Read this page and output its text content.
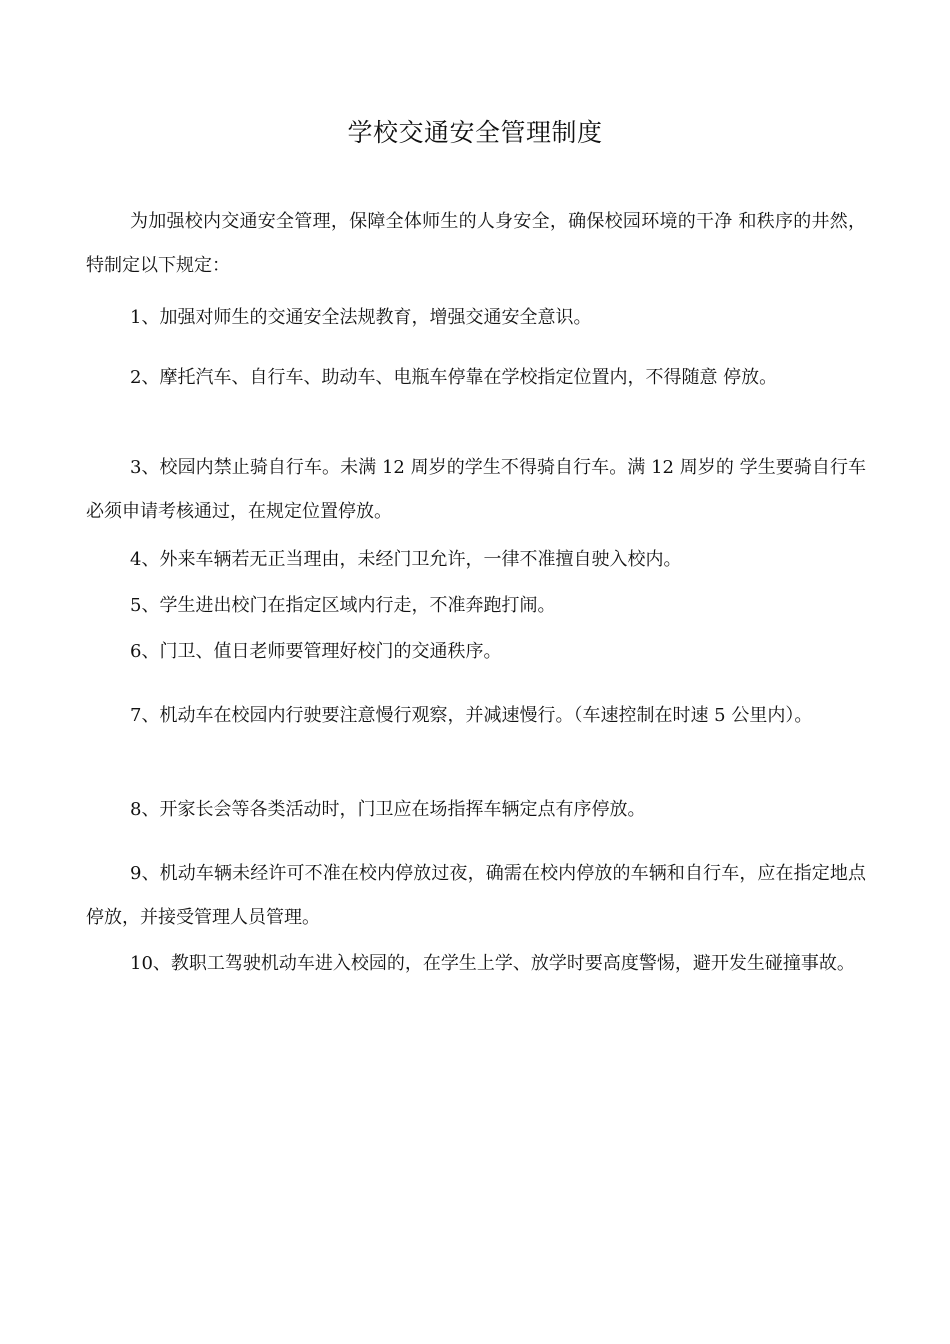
学校交通安全管理制度

为加强校内交通安全管理，保障全体师生的人身安全，确保校园环境的干净 和秩序的井然，特制定以下规定：

1、加强对师生的交通安全法规教育，增强交通安全意识。

2、摩托汽车、自行车、助动车、电瓶车停靠在学校指定位置内，不得随意 停放。

3、校园内禁止骑自行车。未满 12 周岁的学生不得骑自行车。满 12 周岁的 学生要骑自行车必须申请考核通过，在规定位置停放。

4、外来车辆若无正当理由，未经门卫允许，一律不准擅自驶入校内。

5、学生进出校门在指定区域内行走，不准奔跑打闹。

6、门卫、值日老师要管理好校门的交通秩序。

7、机动车在校园内行驶要注意慢行观察，并减速慢行。（车速控制在时速 5 公里内）。

8、开家长会等各类活动时，门卫应在场指挥车辆定点有序停放。

9、机动车辆未经许可不准在校内停放过夜，确需在校内停放的车辆和自行车，应在指定地点停放，并接受管理人员管理。

10、教职工驾驶机动车进入校园的，在学生上学、放学时要高度警惕，避开发生碰撞事故。
